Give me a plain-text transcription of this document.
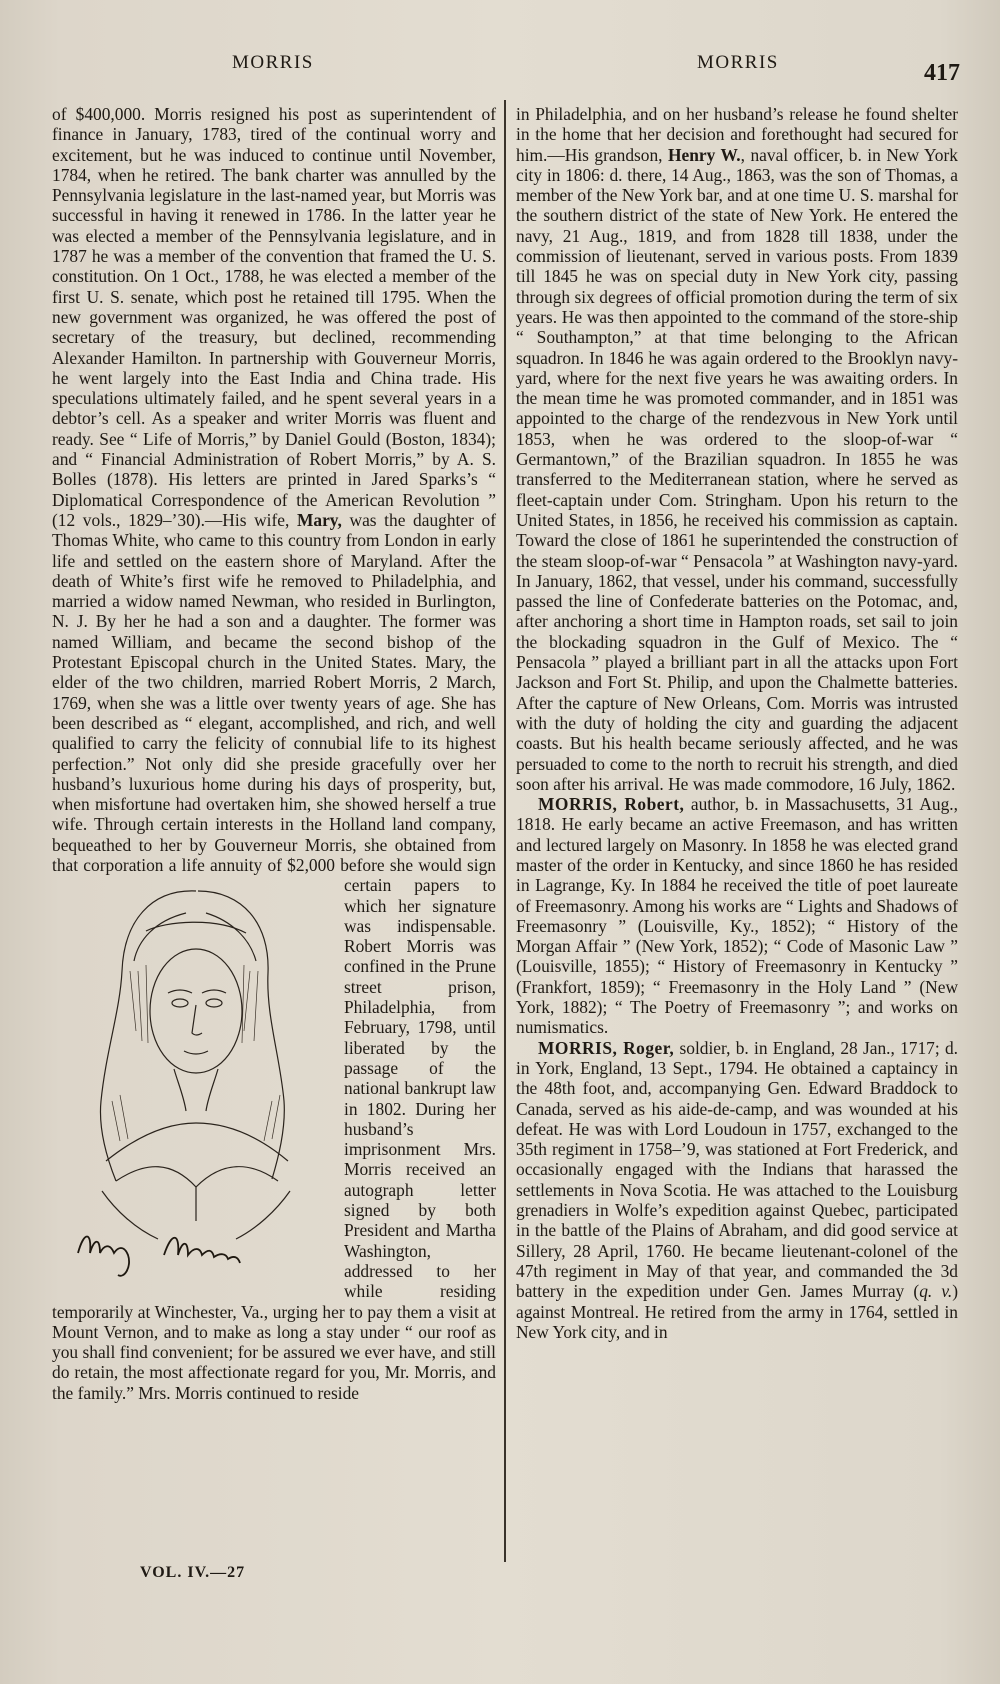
MORRIS	MORRIS	417

of $400,000. Morris resigned his post as superintendent of finance in January, 1783, tired of the continual worry and excitement, but he was induced to continue until November, 1784, when he retired. The bank charter was annulled by the Pennsylvania legislature in the last-named year, but Morris was successful in having it renewed in 1786. In the latter year he was elected a member of the Pennsylvania legislature, and in 1787 he was a member of the convention that framed the U. S. constitution. On 1 Oct., 1788, he was elected a member of the first U. S. senate, which post he retained till 1795. When the new government was organized, he was offered the post of secretary of the treasury, but declined, recommending Alexander Hamilton. In partnership with Gouverneur Morris, he went largely into the East India and China trade. His speculations ultimately failed, and he spent several years in a debtor’s cell. As a speaker and writer Morris was fluent and ready. See “ Life of Morris,” by Daniel Gould (Boston, 1834); and “ Financial Administration of Robert Morris,” by A. S. Bolles (1878). His letters are printed in Jared Sparks’s “ Diplomatical Correspondence of the American Revolution ” (12 vols., 1829–’30).—His wife, Mary, was the daughter of Thomas White, who came to this country from London in early life and settled on the eastern shore of Maryland. After the death of White’s first wife he removed to Philadelphia, and married a widow named Newman, who resided in Burlington, N. J. By her he had a son and a daughter. The former was named William, and became the second bishop of the Protestant Episcopal church in the United States. Mary, the elder of the two children, married Robert Morris, 2 March, 1769, when she was a little over twenty years of age. She has been described as “ elegant, accomplished, and rich, and well qualified to carry the felicity of connubial life to its highest perfection.” Not only did she preside gracefully over her husband’s luxurious home during his days of prosperity, but, when misfortune had overtaken him, she showed herself a true wife. Through certain interests in the Holland land company, bequeathed to her by Gouverneur Morris, she obtained from that corpo
ration a life annuity of $2,000 before she would sign certain papers to which her signature was indispensable. Robert Morris was confined in the Prune street prison, Philadelphia, from February, 1798, until liberated by the passage of the national bankrupt law in 1802. During her husband’s imprisonment Mrs. Morris received an autograph letter signed by both President and Martha Washington, addressed to her while residing temporarily at Winchester, Va., urging her to pay them a visit at Mount Vernon, and to make as long a stay under “ our roof as you shall find convenient; for be assured we ever have, and still do retain, the most affectionate regard for you, Mr. Morris, and the family.” Mrs. Morris continued to reside

in Philadelphia, and on her husband’s release he found shelter in the home that her decision and forethought had secured for him.—His grandson, Henry W., naval officer, b. in New York city in 1806: d. there, 14 Aug., 1863, was the son of Thomas, a member of the New York bar, and at one time U. S. marshal for the southern district of the state of New York. He entered the navy, 21 Aug., 1819, and from 1828 till 1838, under the commission of lieutenant, served in various posts. From 1839 till 1845 he was on special duty in New York city, passing through six degrees of official promotion during the term of six years. He was then appointed to the command of the store-ship “ Southampton,” at that time belonging to the African squadron. In 1846 he was again ordered to the Brooklyn navy-yard, where for the next five years he was awaiting orders. In the mean time he was promoted commander, and in 1851 was appointed to the charge of the rendezvous in New York until 1853, when he was ordered to the sloop-of-war “ Germantown,” of the Brazilian squadron. In 1855 he was transferred to the Mediterranean station, where he served as fleet-captain under Com. Stringham. Upon his return to the United States, in 1856, he received his commission as captain. Toward the close of 1861 he superintended the construction of the steam sloop-of-war “ Pensacola ” at Washington navy-yard. In January, 1862, that vessel, under his command, successfully passed the line of Confederate batteries on the Potomac, and, after anchoring a short time in Hampton roads, set sail to join the blockading squadron in the Gulf of Mexico. The “ Pensacola ” played a brilliant part in all the attacks upon Fort Jackson and Fort St. Philip, and upon the Chalmette batteries. After the capture of New Orleans, Com. Morris was intrusted with the duty of holding the city and guarding the adjacent coasts. But his health became seriously affected, and he was persuaded to come to the north to recruit his strength, and died soon after his arrival. He was made commodore, 16 July, 1862.

MORRIS, Robert, author, b. in Massachusetts, 31 Aug., 1818. He early became an active Freemason, and has written and lectured largely on Masonry. In 1858 he was elected grand master of the order in Kentucky, and since 1860 he has resided in Lagrange, Ky. In 1884 he received the title of poet laureate of Freemasonry. Among his works are “ Lights and Shadows of Freemasonry ” (Louisville, Ky., 1852); “ History of the Morgan Affair ” (New York, 1852); “ Code of Masonic Law ” (Louisville, 1855); “ History of Freemasonry in Kentucky ” (Frankfort, 1859); “ Freemasonry in the Holy Land ” (New York, 1882); “ The Poetry of Freemasonry ”; and works on numismatics.

MORRIS, Roger, soldier, b. in England, 28 Jan., 1717; d. in York, England, 13 Sept., 1794. He obtained a captaincy in the 48th foot, and, accompanying Gen. Edward Braddock to Canada, served as his aide-de-camp, and was wounded at his defeat. He was with Lord Loudoun in 1757, exchanged to the 35th regiment in 1758–’9, was stationed at Fort Frederick, and occasionally engaged with the Indians that harassed the settlements in Nova Scotia. He was attached to the Louisburg grenadiers in Wolfe’s expedition against Quebec, participated in the battle of the Plains of Abraham, and did good service at Sillery, 28 April, 1760. He became lieutenant-colonel of the 47th regiment in May of that year, and commanded the 3d battery in the expedition under Gen. James Murray (q. v.) against Montreal. He retired from the army in 1764, settled in New York city, and in

VOL. IV.—27
